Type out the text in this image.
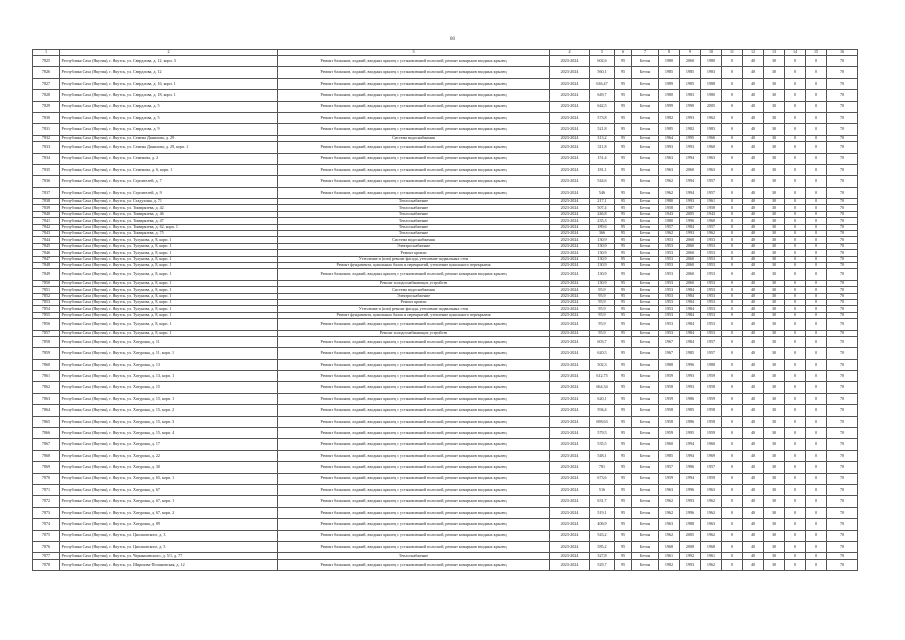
80
1	2	3	4	5	6	7	8	9	10	11	12	13	14	15	16
7825	Республика Саха (Якутия), г. Якутск, ул. Свердлова, д. 12, корп. 3	Ремонт балконов, лоджий, входных крылец с установленной полоской, ремонт козырьков входных крылец	2023-2024	602,6	95	Бетон	1980	2060	1980	0	40	30	0	0	70
7826	Республика Саха (Якутия), г. Якутск, ул. Свердлова, д. 12	Ремонт балконов, лоджий, входных крылец с установленной полоской, ремонт козырьков входных крылец	2023-2024	560,1	95	Бетон	1985	1985	1983	0	40	30	0	0	70
7827	Республика Саха (Якутия), г. Якутск, ул. Свердлова, д. 16, корп. 1	Ремонт балконов, лоджий, входных крылец с установленной полоской, ремонт козырьков входных крылец	2023-2024	636,47	95	Бетон	1989	1985	1988	0	40	30	0	0	70
7828	Республика Саха (Якутия), г. Якутск, ул. Свердлова, д. 18, корп. 1	Ремонт балконов, лоджий, входных крылец с установленной полоской, ремонт козырьков входных крылец	2023-2024	649,7	95	Бетон	1980	1983	1980	0	40	30	0	0	70
7829	Республика Саха (Якутия), г. Якутск, ул. Свердлова, д. 5	Ремонт балконов, лоджий, входных крылец с установленной полоской, ремонт козырьков входных крылец	2023-2024	642,5	95	Бетон	1999	1990	2005	0	40	30	0	0	70
7830	Республика Саха (Якутия), г. Якутск, ул. Свердлова, д. 5	Ремонт балконов, лоджий, входных крылец с установленной полоской, ремонт козырьков входных крылец	2023-2024	573,8	95	Бетон	1982	1993	1962	0	40	30	0	0	70
7831	Республика Саха (Якутия), г. Якутск, ул. Свердлова, д. 9	Ремонт балконов, лоджий, входных крылец с установленной полоской, ремонт козырьков входных крылец	2023-2024	521,8	95	Бетон	1985	1982	1983	0	40	30	0	0	70
7832	Республика Саха (Якутия), г. Якутск, ул. Семена Данилова, д. 29	Система водоснабжения	2023-2024	313,2	95	Бетон	1964	1995	1966	0	40	30	0	0	70
7833	Республика Саха (Якутия), г. Якутск, ул. Семена Данилова, д. 29, корп. 1	Ремонт балконов, лоджий, входных крылец с установленной полоской, ремонт козырьков входных крылец	2023-2024	311,8	95	Бетон	1993	1993	1960	0	40	30	0	0	70
7834	Республика Саха (Якутия), г. Якутск, ул. Семенова, д. 2	Ремонт балконов, лоджий, входных крылец с установленной полоской, ремонт козырьков входных крылец	2023-2024	151,4	95	Бетон	1963	1994	1963	0	40	30	0	0	70
7835	Республика Саха (Якутия), г. Якутск, ул. Семенова, д. 6, корп. 1	Ремонт балконов, лоджий, входных крылец с установленной полоской, ремонт козырьков входных крылец	2023-2024	181,1	95	Бетон	1963	2060	1963	0	40	30	0	0	70
7836	Республика Саха (Якутия), г. Якутск, ул. Строителей, д. 7	Ремонт балконов, лоджий, входных крылец с установленной полоской, ремонт козырьков входных крылец	2023-2024	544,6	95	Бетон	1962	1994	1957	0	40	30	0	0	70
7837	Республика Саха (Якутия), г. Якутск, ул. Строителей, д. 9	Ремонт балконов, лоджий, входных крылец с установленной полоской, ремонт козырьков входных крылец	2023-2024	546	95	Бетон	1962	1994	1957	0	40	30	0	0	70
7838	Республика Саха (Якутия), г. Якутск, ул. Стадухина, д. 71	Теплоснабжение	2023-2024	217,1	95	Бетон	1980	1993	1961	0	40	30	0	0	70
7839	Республика Саха (Якутия), г. Якутск, ул. Тимирязева, д. 42	Теплоснабжение	2023-2024	507,4	95	Бетон	1958	1987	1958	0	40	30	0	0	70
7840	Республика Саха (Якутия), г. Якутск, ул. Тимирязева, д. 46	Теплоснабжение	2023-2024	246,8	95	Бетон	1943	2005	1943	0	40	30	0	0	70
7841	Республика Саха (Якутия), г. Якутск, ул. Тимирязева, д. 47	Теплоснабжение	2023-2024	235,3	95	Бетон	1980	1996	1960	0	40	30	0	0	70
7842	Республика Саха (Якутия), г. Якутск, ул. Тимирязева, д. 62, корп. 1	Теплоснабжение	2023-2024	189,6	95	Бетон	1957	1984	1957	0	40	30	0	0	70
7843	Республика Саха (Якутия), г. Якутск, ул. Тимирязева, д. 75	Теплоснабжение	2023-2024	366	95	Бетон	1962	1993	1962	0	40	30	0	0	70
7844	Республика Саха (Якутия), г. Якутск, ул. Тулунова, д. 8, корп. 1	Система водоснабжения	2023-2024	130,9	95	Бетон	1953	2060	1953	0	40	30	0	0	70
7845	Республика Саха (Якутия), г. Якутск, ул. Тулунова, д. 8, корп. 1	Электроснабжение	2023-2024	130,9	95	Бетон	1953	2060	1953	0	40	30	0	0	70
7846	Республика Саха (Якутия), г. Якутск, ул. Тулунова, д. 8, корп. 1	Ремонт кровли	2023-2024	130,9	95	Бетон	1953	2060	1953	0	40	30	0	0	70
7847	Республика Саха (Якутия), г. Якутск, ул. Тулунова, д. 8, корп. 1	Утепление и (или) ремонт фасада, утепление подвальных стен	2023-2024	130,9	95	Бетон	1953	2060	1953	0	40	30	0	0	70
7848	Республика Саха (Якутия), г. Якутск, ул. Тулунова, д. 8, корп. 1	Ремонт фундамента, цокольных балок и перекрытий, утепление цокольного перекрытия	2023-2024	130,9	95	Бетон	1953	2060	1953	0	40	30	0	0	70
7849	Республика Саха (Якутия), г. Якутск, ул. Тулунова, д. 8, корп. 1	Ремонт балконов, лоджий, входных крылец с установленной полоской, ремонт козырьков входных крылец	2023-2024	130,9	95	Бетон	1953	2060	1953	0	40	30	0	0	70
7850	Республика Саха (Якутия), г. Якутск, ул. Тулунова, д. 8, корп. 1	Ремонт холодоснабжающих устройств	2023-2024	130,9	95	Бетон	1953	2060	1953	0	40	30	0	0	70
7851	Республика Саха (Якутия), г. Якутск, ул. Тулунова, д. 8, корп. 1	Система водоснабжения	2023-2024	95,9	95	Бетон	1953	1984	1953	0	40	30	0	0	70
7852	Республика Саха (Якутия), г. Якутск, ул. Тулунова, д. 8, корп. 1	Электроснабжение	2023-2024	95,9	95	Бетон	1953	1984	1953	0	40	30	0	0	70
7853	Республика Саха (Якутия), г. Якутск, ул. Тулунова, д. 8, корп. 1	Ремонт кровли	2023-2024	95,9	95	Бетон	1953	1984	1953	0	40	30	0	0	70
7854	Республика Саха (Якутия), г. Якутск, ул. Тулунова, д. 8, корп. 1	Утепление и (или) ремонт фасада, утепление подвальных стен	2023-2024	95,9	95	Бетон	1953	1984	1953	0	40	30	0	0	70
7855	Республика Саха (Якутия), г. Якутск, ул. Тулунова, д. 8, корп. 1	Ремонт фундамента, цокольных балок и перекрытий, утепление цокольного перекрытия	2023-2024	95,9	95	Бетон	1953	1984	1953	0	40	30	0	0	70
7856	Республика Саха (Якутия), г. Якутск, ул. Тулунова, д. 8, корп. 1	Ремонт балконов, лоджий, входных крылец с установленной полоской, ремонт козырьков входных крылец	2023-2024	95,9	95	Бетон	1953	1984	1953	0	40	30	0	0	70
7857	Республика Саха (Якутия), г. Якутск, ул. Тулунова, д. 8, корп. 1	Ремонт холодоснабжающих устройств	2023-2024	95,9	95	Бетон	1953	1984	1953	0	40	30	0	0	70
7858	Республика Саха (Якутия), г. Якутск, ул. Хатурина, д. 11	Ремонт балконов, лоджий, входных крылец с установленной полоской, ремонт козырьков входных крылец	2023-2024	603,7	95	Бетон	1967	1984	1957	0	40	30	0	0	70
7859	Республика Саха (Якутия), г. Якутск, ул. Хатурина, д. 11, корп. 1	Ремонт балконов, лоджий, входных крылец с установленной полоской, ремонт козырьков входных крылец	2023-2024	620,5	95	Бетон	1967	1985	1957	0	40	30	0	0	70
7860	Республика Саха (Якутия), г. Якутск, ул. Хатурина, д. 13	Ремонт балконов, лоджий, входных крылец с установленной полоской, ремонт козырьков входных крылец	2023-2024	502,3	95	Бетон	1988	1996	1988	0	40	30	0	0	70
7861	Республика Саха (Якутия), г. Якутск, ул. Хатурина, д. 13, корп. 1	Ремонт балконов, лоджий, входных крылец с установленной полоской, ремонт козырьков входных крылец	2023-2024	612,75	95	Бетон	1959	1993	1959	0	40	30	0	0	70
7862	Республика Саха (Якутия), г. Якутск, ул. Хатурина, д. 15	Ремонт балконов, лоджий, входных крылец с установленной полоской, ремонт козырьков входных крылец	2023-2024	664,34	95	Бетон	1958	1993	1958	0	40	30	0	0	70
7863	Республика Саха (Якутия), г. Якутск, ул. Хатурина, д. 15, корп. 1	Ремонт балконов, лоджий, входных крылец с установленной полоской, ремонт козырьков входных крылец	2023-2024	620,1	95	Бетон	1959	1986	1959	0	40	30	0	0	70
7864	Республика Саха (Якутия), г. Якутск, ул. Хатурина, д. 15, корп. 2	Ремонт балконов, лоджий, входных крылец с установленной полоской, ремонт козырьков входных крылец	2023-2024	594,4	95	Бетон	1958	1985	1958	0	40	30	0	0	70
7865	Республика Саха (Якутия), г. Якутск, ул. Хатурина, д. 15, корп. 3	Ремонт балконов, лоджий, входных крылец с установленной полоской, ремонт козырьков входных крылец	2023-2024	698,63	95	Бетон	1958	1986	1958	0	40	30	0	0	70
7866	Республика Саха (Якутия), г. Якутск, ул. Хатурина, д. 15, корп. 4	Ремонт балконов, лоджий, входных крылец с установленной полоской, ремонт козырьков входных крылец	2023-2024	579,5	95	Бетон	1959	1995	1959	0	40	30	0	0	70
7867	Республика Саха (Якутия), г. Якутск, ул. Хатурина, д. 17	Ремонт балконов, лоджий, входных крылец с установленной полоской, ремонт козырьков входных крылец	2023-2024	535,5	95	Бетон	1960	1994	1960	0	40	30	0	0	70
7868	Республика Саха (Якутия), г. Якутск, ул. Хатурина, д. 22	Ремонт балконов, лоджий, входных крылец с установленной полоской, ремонт козырьков входных крылец	2023-2024	548,1	95	Бетон	1985	1994	1969	0	40	30	0	0	70
7869	Республика Саха (Якутия), г. Якутск, ул. Хатурина, д. 30	Ремонт балконов, лоджий, входных крылец с установленной полоской, ремонт козырьков входных крылец	2023-2024	781	95	Бетон	1957	1986	1957	0	40	30	0	0	70
7870	Республика Саха (Якутия), г. Якутск, ул. Хатурина, д. 65, корп. 1	Ремонт балконов, лоджий, входных крылец с установленной полоской, ремонт козырьков входных крылец	2023-2024	673,6	95	Бетон	1959	1994	1959	0	40	30	0	0	70
7871	Республика Саха (Якутия), г. Якутск, ул. Хатурина, д. 67	Ремонт балконов, лоджий, входных крылец с установленной полоской, ремонт козырьков входных крылец	2023-2024	516	95	Бетон	1963	1996	1963	0	40	30	0	0	70
7872	Республика Саха (Якутия), г. Якутск, ул. Хатурина, д. 67, корп. 1	Ремонт балконов, лоджий, входных крылец с установленной полоской, ремонт козырьков входных крылец	2023-2024	631,7	95	Бетон	1962	1993	1962	0	40	30	0	0	70
7873	Республика Саха (Якутия), г. Якутск, ул. Хатурина, д. 67, корп. 2	Ремонт балконов, лоджий, входных крылец с установленной полоской, ремонт козырьков входных крылец	2023-2024	519,1	95	Бетон	1962	1996	1962	0	40	30	0	0	70
7874	Республика Саха (Якутия), г. Якутск, ул. Хатурина, д. 89	Ремонт балконов, лоджий, входных крылец с установленной полоской, ремонт козырьков входных крылец	2023-2024	406,9	95	Бетон	1963	1988	1963	0	40	30	0	0	70
7875	Республика Саха (Якутия), г. Якутск, ул. Циолковского, д. 3	Ремонт балконов, лоджий, входных крылец с установленной полоской, ремонт козырьков входных крылец	2023-2024	543,2	95	Бетон	1962	2005	1962	0	40	30	0	0	70
7876	Республика Саха (Якутия), г. Якутск, ул. Циолковского, д. 5	Ремонт балконов, лоджий, входных крылец с установленной полоской, ремонт козырьков входных крылец	2023-2024	585,2	95	Бетон	1968	2008	1968	0	40	30	0	0	70
7877	Республика Саха (Якутия), г. Якутск, ул. Чернышевского, д. 5/1, д. 77	Теплоснабжение	2023-2024	327,8	95	Бетон	1961	1992	1961	0	40	30	0	0	70
7878	Республика Саха (Якутия), г. Якутск, ул. Ширшова-Полиновская, д. 12	Ремонт балконов, лоджий, входных крылец с установленной полоской, ремонт козырьков входных крылец	2023-2024	529,7	95	Бетон	1982	1993	1962	0	40	30	0	0	70
